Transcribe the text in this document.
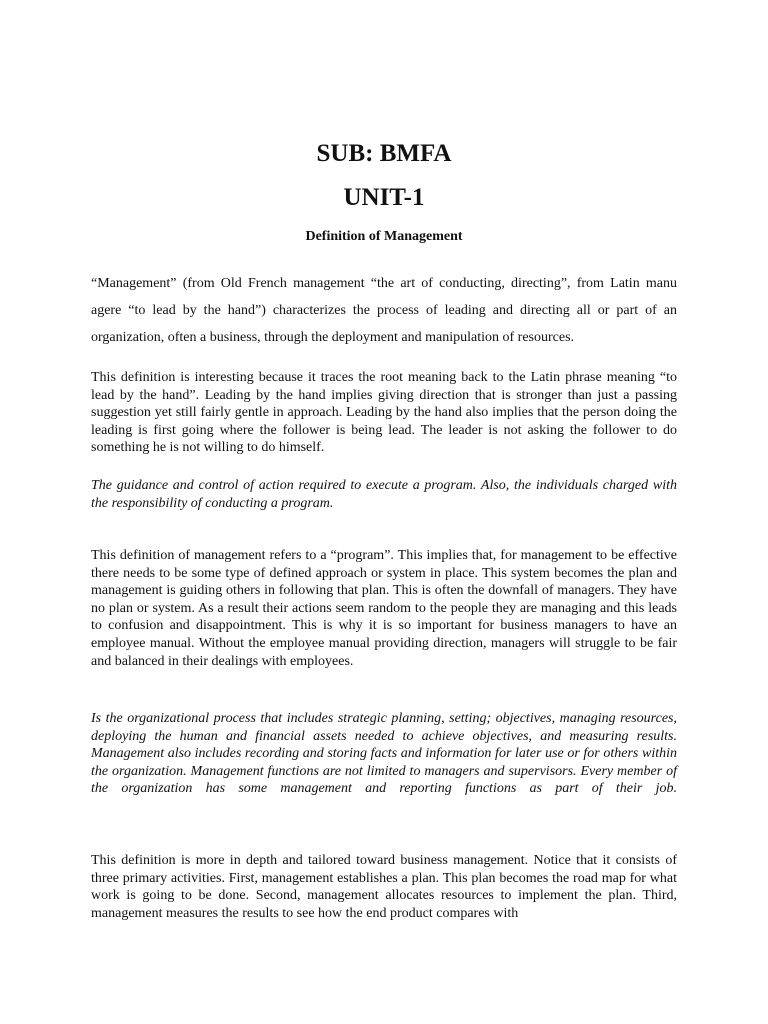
SUB: BMFA
UNIT-1
Definition of Management

“Management” (from Old French management “the art of conducting, directing”, from Latin manu agere “to lead by the hand”) characterizes the process of leading and directing all or part of an organization, often a business, through the deployment and manipulation of resources.

This definition is interesting because it traces the root meaning back to the Latin phrase meaning “to lead by the hand”. Leading by the hand implies giving direction that is stronger than just a passing suggestion yet still fairly gentle in approach. Leading by the hand also implies that the person doing the leading is first going where the follower is being lead. The leader is not asking the follower to do something he is not willing to do himself.

The guidance and control of action required to execute a program. Also, the individuals charged with the responsibility of conducting a program.

This definition of management refers to a “program”. This implies that, for management to be effective there needs to be some type of defined approach or system in place. This system becomes the plan and management is guiding others in following that plan. This is often the downfall of managers. They have no plan or system. As a result their actions seem random to the people they are managing and this leads to confusion and disappointment. This is why it is so important for business managers to have an employee manual. Without the employee manual providing direction, managers will struggle to be fair and balanced in their dealings with employees.

Is the organizational process that includes strategic planning, setting; objectives, managing resources, deploying the human and financial assets needed to achieve objectives, and measuring results. Management also includes recording and storing facts and information for later use or for others within the organization. Management functions are not limited to managers and supervisors. Every member of the organization has some management and reporting functions as part of their job.

This definition is more in depth and tailored toward business management. Notice that it consists of three primary activities. First, management establishes a plan. This plan becomes the road map for what work is going to be done. Second, management allocates resources to implement the plan. Third, management measures the results to see how the end product compares with
